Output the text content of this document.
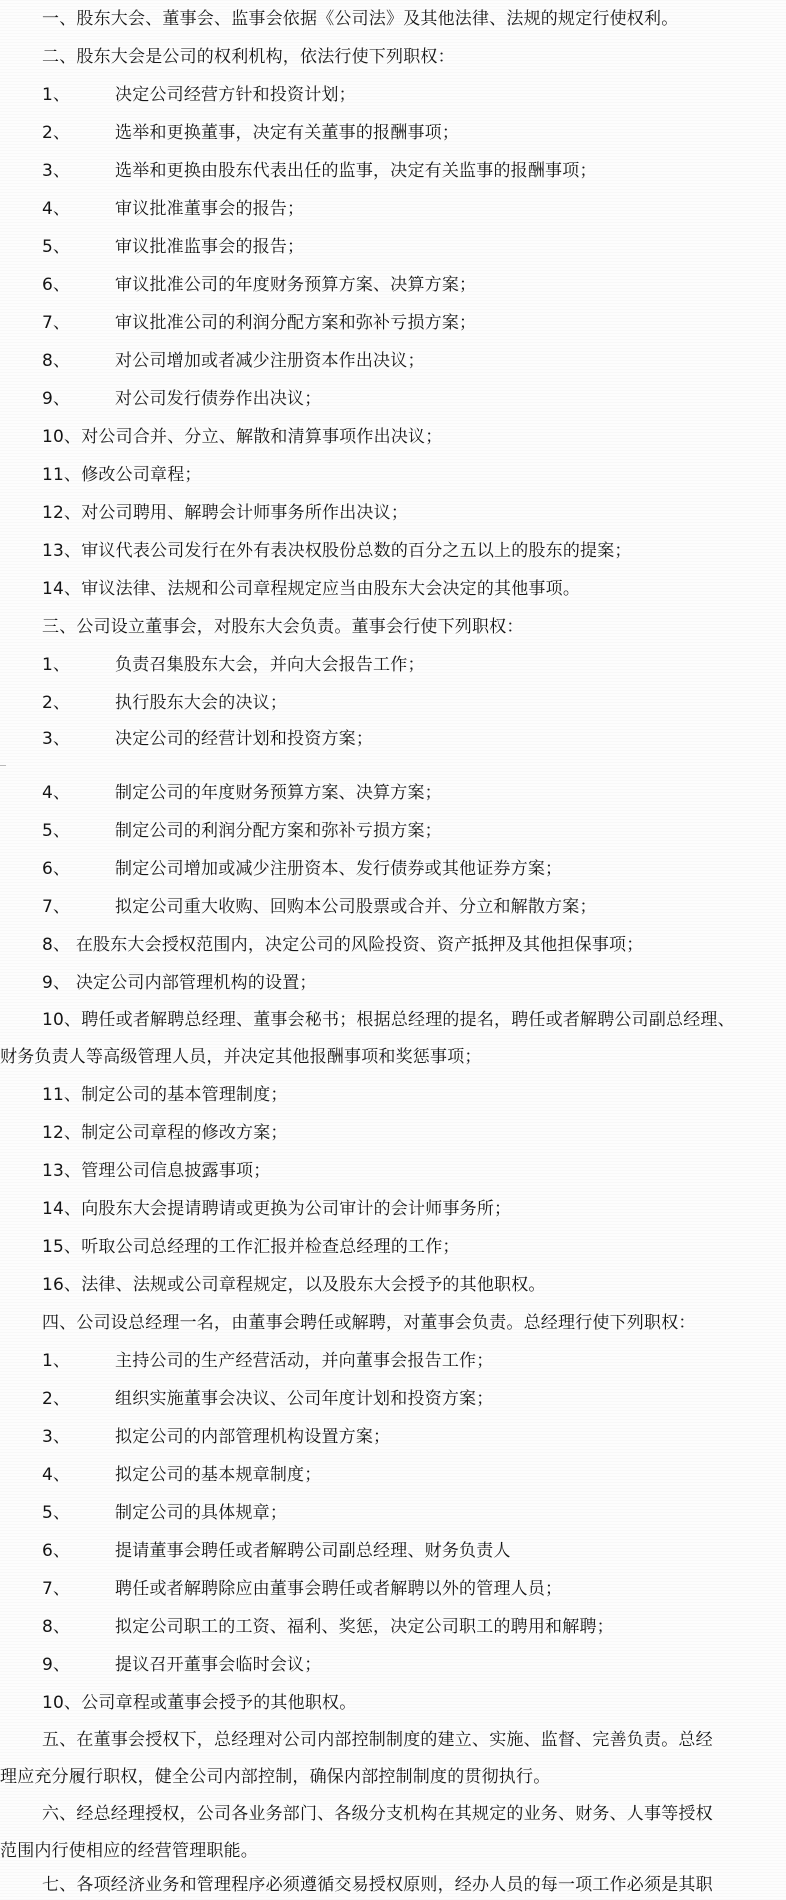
一、股东大会、董事会、监事会依据《公司法》及其他法律、法规的规定行使权利。
二、股东大会是公司的权利机构，依法行使下列职权：
1、        决定公司经营方针和投资计划；
2、        选举和更换董事，决定有关董事的报酬事项；
3、        选举和更换由股东代表出任的监事，决定有关监事的报酬事项；
4、        审议批准董事会的报告；
5、        审议批准监事会的报告；
6、        审议批准公司的年度财务预算方案、决算方案；
7、        审议批准公司的利润分配方案和弥补亏损方案；
8、        对公司增加或者减少注册资本作出决议；
9、        对公司发行债券作出决议；
10、对公司合并、分立、解散和清算事项作出决议；
11、修改公司章程；
12、对公司聘用、解聘会计师事务所作出决议；
13、审议代表公司发行在外有表决权股份总数的百分之五以上的股东的提案；
14、审议法律、法规和公司章程规定应当由股东大会决定的其他事项。
三、公司设立董事会，对股东大会负责。董事会行使下列职权：
1、        负责召集股东大会，并向大会报告工作；
2、        执行股东大会的决议；
3、        决定公司的经营计划和投资方案；
4、        制定公司的年度财务预算方案、决算方案；
5、        制定公司的利润分配方案和弥补亏损方案；
6、        制定公司增加或减少注册资本、发行债券或其他证券方案；
7、        拟定公司重大收购、回购本公司股票或合并、分立和解散方案；
8、 在股东大会授权范围内，决定公司的风险投资、资产抵押及其他担保事项；
9、 决定公司内部管理机构的设置；
10、聘任或者解聘总经理、董事会秘书；根据总经理的提名，聘任或者解聘公司副总经理、
财务负责人等高级管理人员，并决定其他报酬事项和奖惩事项；
11、制定公司的基本管理制度；
12、制定公司章程的修改方案；
13、管理公司信息披露事项；
14、向股东大会提请聘请或更换为公司审计的会计师事务所；
15、听取公司总经理的工作汇报并检查总经理的工作；
16、法律、法规或公司章程规定，以及股东大会授予的其他职权。
四、公司设总经理一名，由董事会聘任或解聘，对董事会负责。总经理行使下列职权：
1、        主持公司的生产经营活动，并向董事会报告工作；
2、        组织实施董事会决议、公司年度计划和投资方案；
3、        拟定公司的内部管理机构设置方案；
4、        拟定公司的基本规章制度；
5、        制定公司的具体规章；
6、        提请董事会聘任或者解聘公司副总经理、财务负责人
7、        聘任或者解聘除应由董事会聘任或者解聘以外的管理人员；
8、        拟定公司职工的工资、福利、奖惩，决定公司职工的聘用和解聘；
9、        提议召开董事会临时会议；
10、公司章程或董事会授予的其他职权。
五、在董事会授权下，总经理对公司内部控制制度的建立、实施、监督、完善负责。总经
理应充分履行职权，健全公司内部控制，确保内部控制制度的贯彻执行。
六、经总经理授权，公司各业务部门、各级分支机构在其规定的业务、财务、人事等授权
范围内行使相应的经营管理职能。
七、各项经济业务和管理程序必须遵循交易授权原则，经办人员的每一项工作必须是其职
